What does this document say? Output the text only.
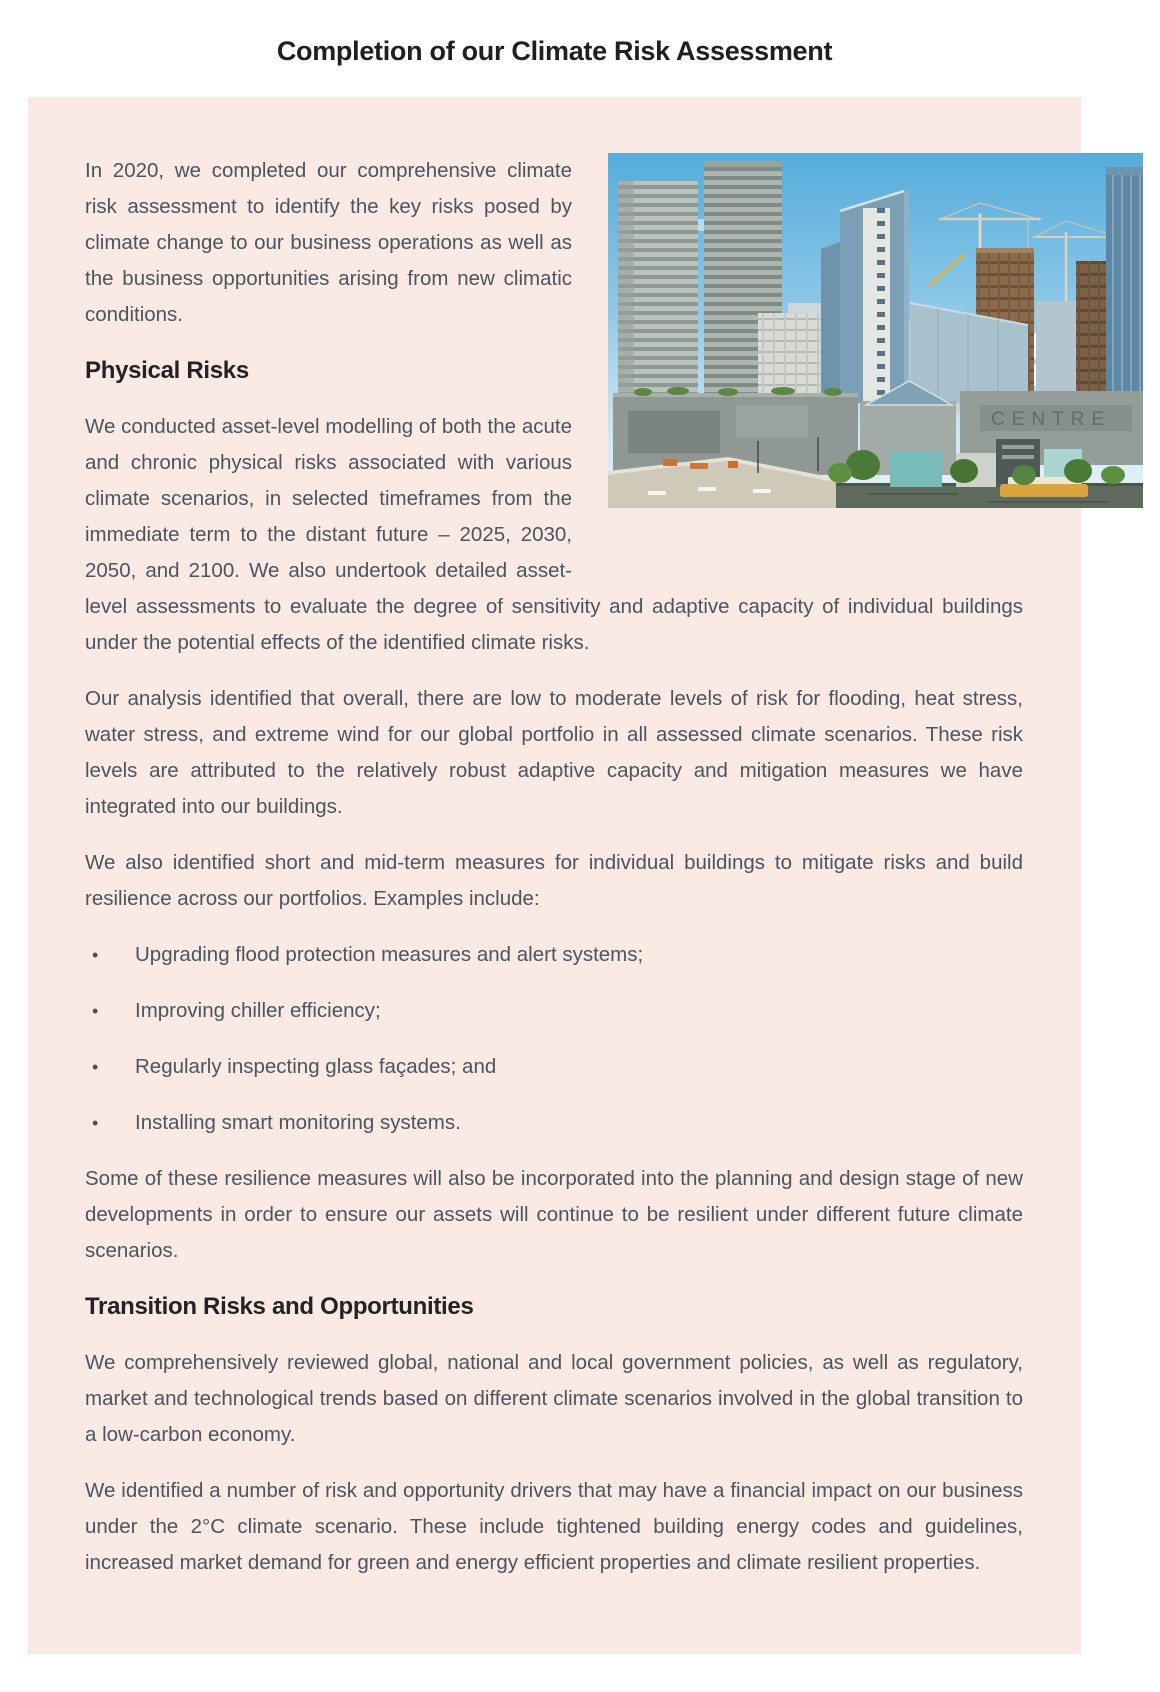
Completion of our Climate Risk Assessment
CENTRE

In 2020, we completed our comprehensive climate risk assessment to identify the key risks posed by climate change to our business operations as well as the business opportunities arising from new climatic conditions.

Physical Risks

We conducted asset-level modelling of both the acute and chronic physical risks associated with various climate scenarios, in selected timeframes from the immediate term to the distant future – 2025, 2030, 2050, and 2100. We also undertook detailed asset-level assessments to evaluate the degree of sensitivity and adaptive capacity of individual buildings under the potential effects of the identified climate risks.

Our analysis identified that overall, there are low to moderate levels of risk for flooding, heat stress, water stress, and extreme wind for our global portfolio in all assessed climate scenarios. These risk levels are attributed to the relatively robust adaptive capacity and mitigation measures we have integrated into our buildings.

We also identified short and mid-term measures for individual buildings to mitigate risks and build resilience across our portfolios. Examples include:

•	Upgrading flood protection measures and alert systems;
•	Improving chiller efficiency;
•	Regularly inspecting glass façades; and
•	Installing smart monitoring systems.

Some of these resilience measures will also be incorporated into the planning and design stage of new developments in order to ensure our assets will continue to be resilient under different future climate scenarios.

Transition Risks and Opportunities

We comprehensively reviewed global, national and local government policies, as well as regulatory, market and technological trends based on different climate scenarios involved in the global transition to a low-carbon economy.

We identified a number of risk and opportunity drivers that may have a financial impact on our business under the 2°C climate scenario. These include tightened building energy codes and guidelines, increased market demand for green and energy efficient properties and climate resilient properties.
